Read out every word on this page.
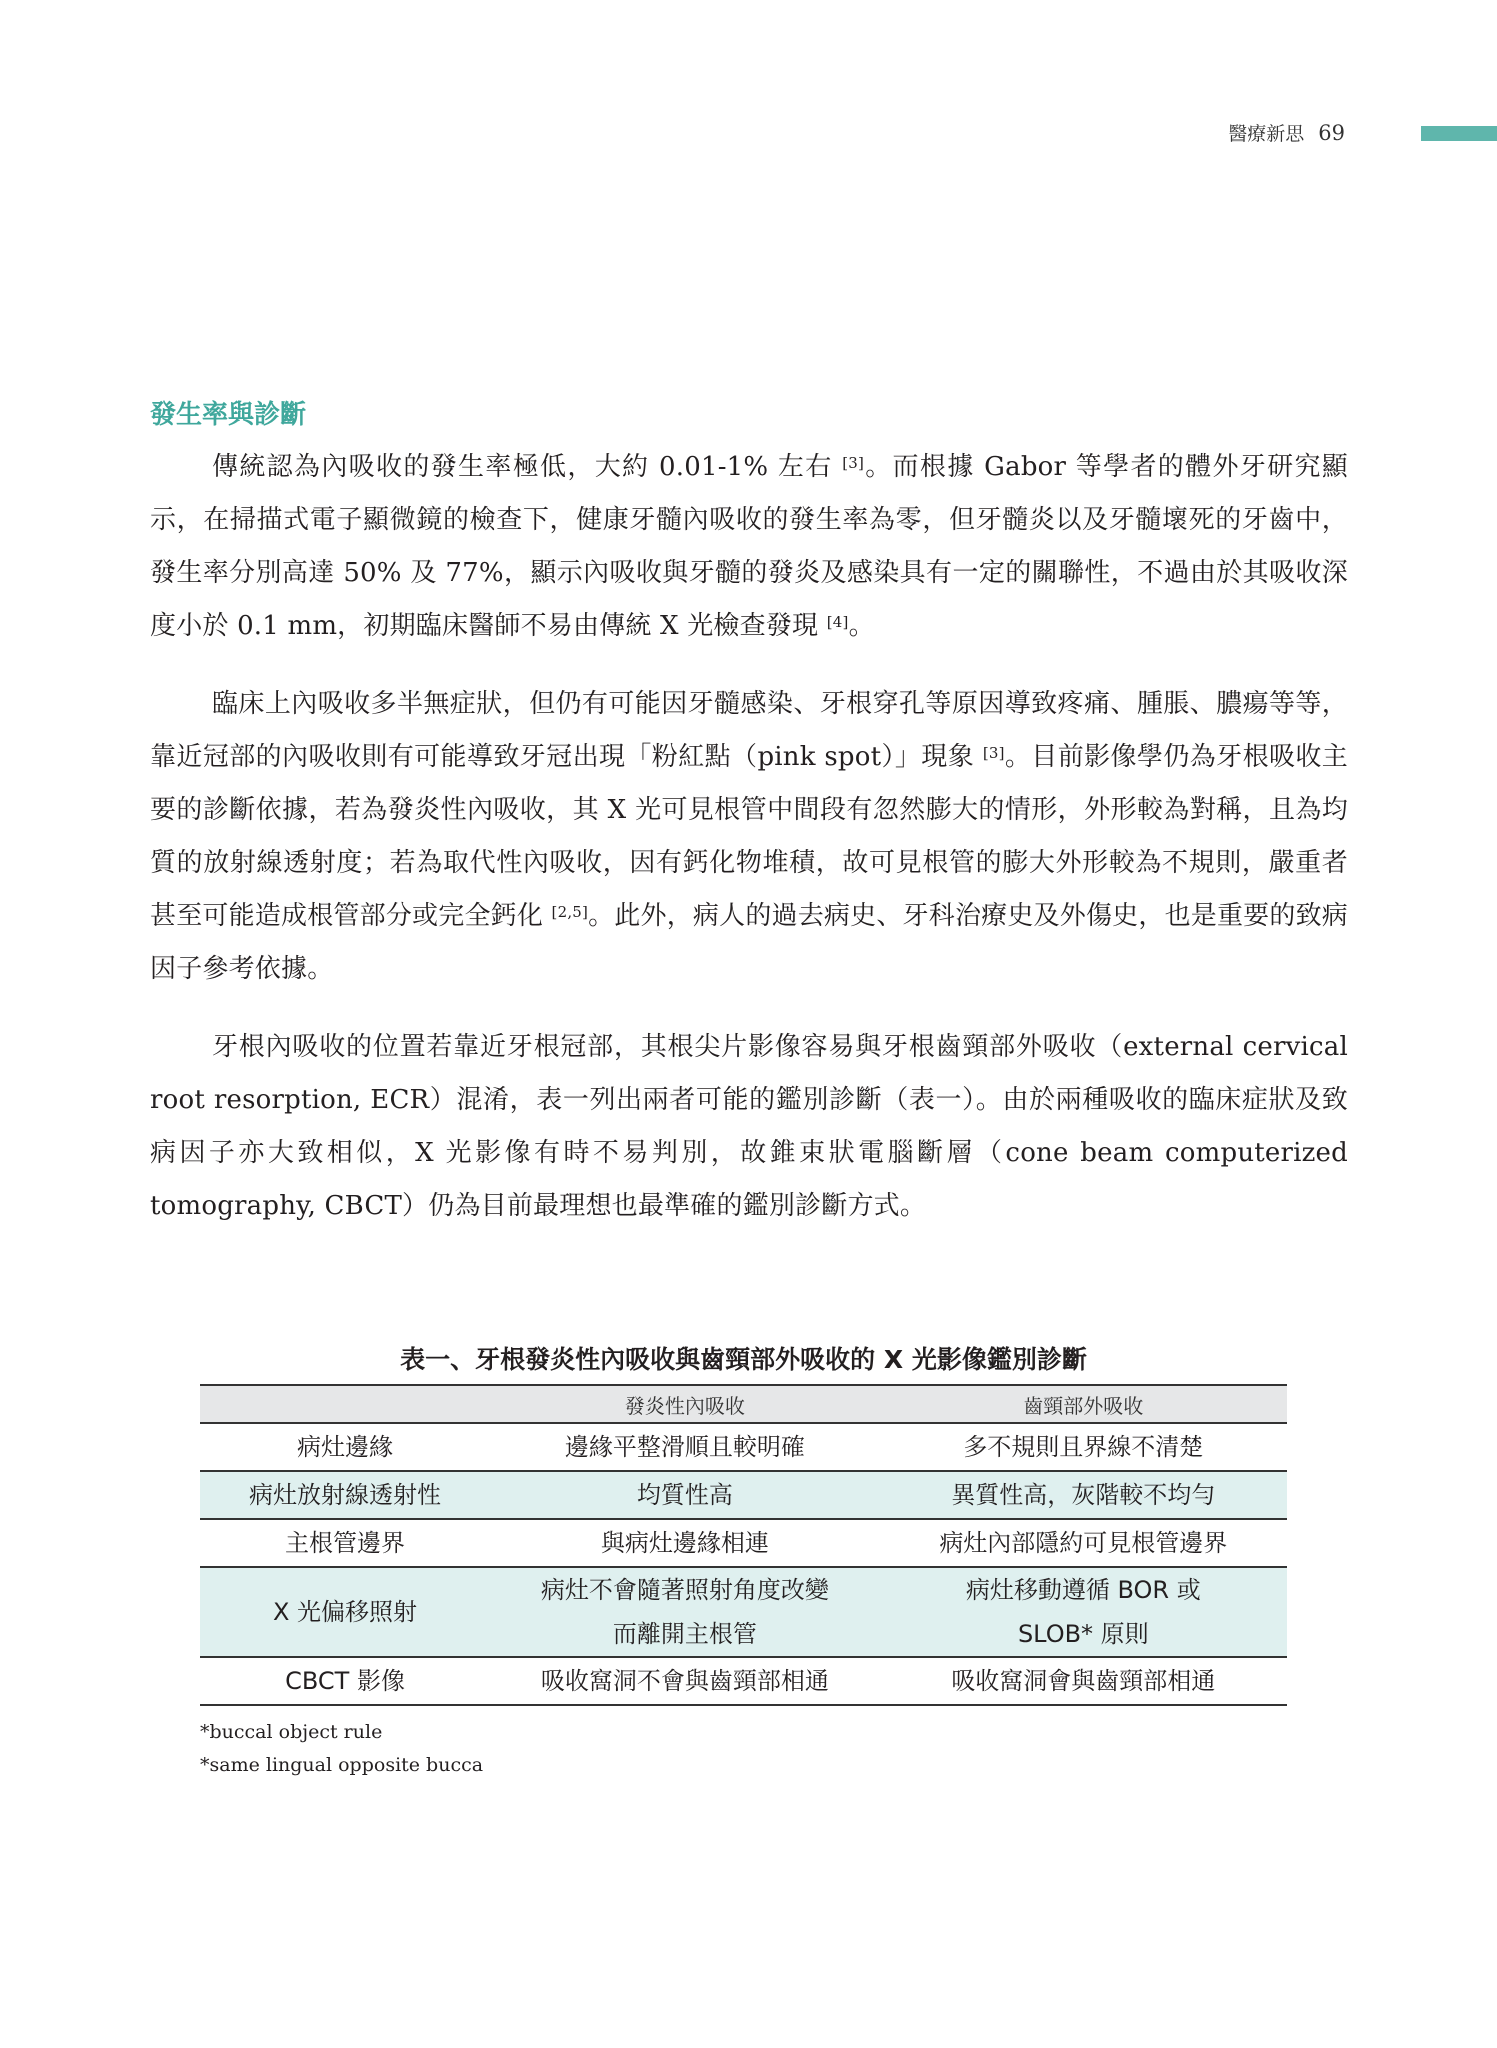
醫療新思 69
發生率與診斷

傳統認為內吸收的發生率極低，大約 0.01-1% 左右 [3]。而根據 Gabor 等學者的體外牙研究顯示，在掃描式電子顯微鏡的檢查下，健康牙髓內吸收的發生率為零，但牙髓炎以及牙髓壞死的牙齒中，發生率分別高達 50% 及 77%，顯示內吸收與牙髓的發炎及感染具有一定的關聯性，不過由於其吸收深度小於 0.1 mm，初期臨床醫師不易由傳統 X 光檢查發現 [4]。

臨床上內吸收多半無症狀，但仍有可能因牙髓感染、牙根穿孔等原因導致疼痛、腫脹、膿瘍等等，靠近冠部的內吸收則有可能導致牙冠出現「粉紅點（pink spot）」現象 [3]。目前影像學仍為牙根吸收主要的診斷依據，若為發炎性內吸收，其 X 光可見根管中間段有忽然膨大的情形，外形較為對稱，且為均質的放射線透射度；若為取代性內吸收，因有鈣化物堆積，故可見根管的膨大外形較為不規則，嚴重者甚至可能造成根管部分或完全鈣化 [2,5]。此外，病人的過去病史、牙科治療史及外傷史，也是重要的致病因子參考依據。

牙根內吸收的位置若靠近牙根冠部，其根尖片影像容易與牙根齒頸部外吸收（external cervical root resorption, ECR）混淆，表一列出兩者可能的鑑別診斷（表一）。由於兩種吸收的臨床症狀及致病因子亦大致相似，X 光影像有時不易判別，故錐束狀電腦斷層（cone beam computerized tomography, CBCT）仍為目前最理想也最準確的鑑別診斷方式。

表一、牙根發炎性內吸收與齒頸部外吸收的 X 光影像鑑別診斷
	發炎性內吸收	齒頸部外吸收
病灶邊緣	邊緣平整滑順且較明確	多不規則且界線不清楚
病灶放射線透射性	均質性高	異質性高，灰階較不均勻
主根管邊界	與病灶邊緣相連	病灶內部隱約可見根管邊界
X 光偏移照射	病灶不會隨著照射角度改變而離開主根管	病灶移動遵循 BOR 或 SLOB* 原則
CBCT 影像	吸收窩洞不會與齒頸部相通	吸收窩洞會與齒頸部相通
*buccal object rule
*same lingual opposite bucca
